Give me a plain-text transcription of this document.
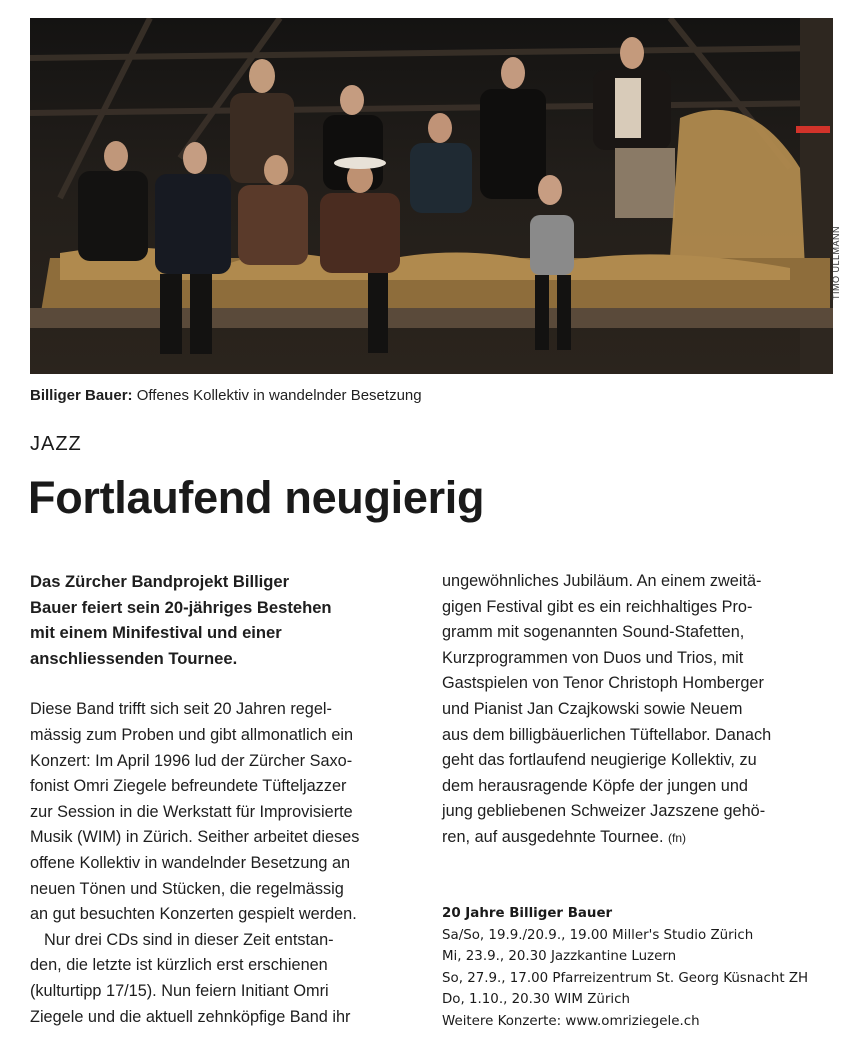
TIMO ULLMANN
Billiger Bauer: Offenes Kollektiv in wandelnder Besetzung
JAZZ
Fortlaufend neugierig
Das Zürcher Bandprojekt Billiger
Bauer feiert sein 20-jähriges Bestehen
mit einem Minifestival und einer
anschliessenden Tournee.
Diese Band trifft sich seit 20 Jahren regel-
mässig zum Proben und gibt allmonatlich ein
Konzert: Im April 1996 lud der Zürcher Saxo-
fonist Omri Ziegele befreundete Tüfteljazzer
zur Session in die Werkstatt für Improvisierte
Musik (WIM) in Zürich. Seither arbeitet dieses
offene Kollektiv in wandelnder Besetzung an
neuen Tönen und Stücken, die regelmässig
an gut besuchten Konzerten gespielt werden.
Nur drei CDs sind in dieser Zeit entstan-
den, die letzte ist kürzlich erst erschienen
(kulturtipp 17/15). Nun feiern Initiant Omri
Ziegele und die aktuell zehnköpfige Band ihr
ungewöhnliches Jubiläum. An einem zweitä-
gigen Festival gibt es ein reichhaltiges Pro-
gramm mit sogenannten Sound-Stafetten,
Kurzprogrammen von Duos und Trios, mit
Gastspielen von Tenor Christoph Homberger
und Pianist Jan Czajkowski sowie Neuem
aus dem billigbäuerlichen Tüftellabor. Danach
geht das fortlaufend neugierige Kollektiv, zu
dem herausragende Köpfe der jungen und
jung gebliebenen Schweizer Jazszene gehö-
ren, auf ausgedehnte Tournee. (fn)
20 Jahre Billiger Bauer
Sa/So, 19.9./20.9., 19.00 Miller's Studio Zürich
Mi, 23.9., 20.30 Jazzkantine Luzern
So, 27.9., 17.00 Pfarreizentrum St. Georg Küsnacht ZH
Do, 1.10., 20.30 WIM Zürich
Weitere Konzerte: www.omriziegele.ch
